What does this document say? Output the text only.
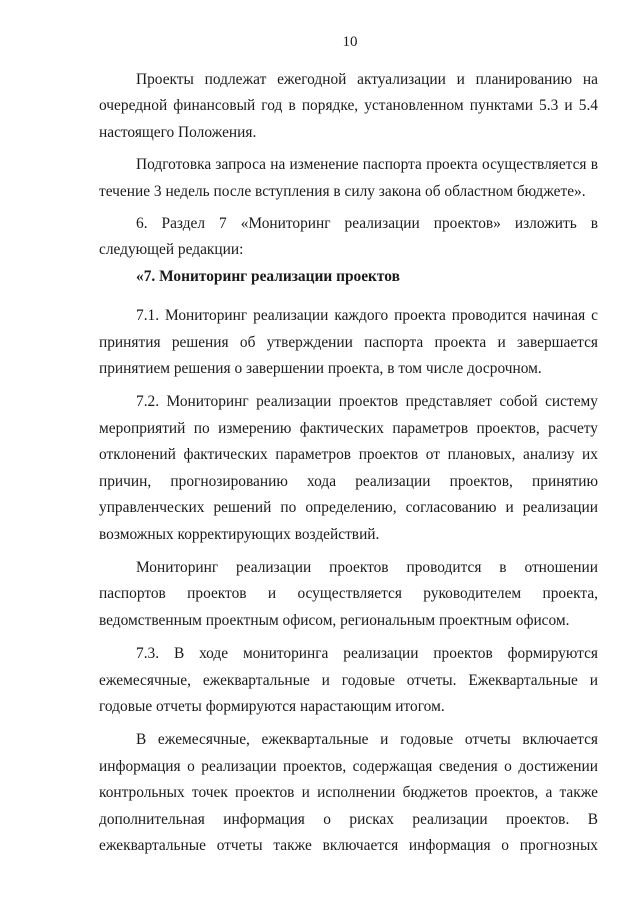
10

Проекты подлежат ежегодной актуализации и планированию на очередной финансовый год в порядке, установленном пунктами 5.3 и 5.4 настоящего Положения.

Подготовка запроса на изменение паспорта проекта осуществляется в течение 3 недель после вступления в силу закона об областном бюджете».

6. Раздел 7 «Мониторинг реализации проектов» изложить в следующей редакции:

«7. Мониторинг реализации проектов

7.1. Мониторинг реализации каждого проекта проводится начиная с принятия решения об утверждении паспорта проекта и завершается принятием решения о завершении проекта, в том числе досрочном.

7.2. Мониторинг реализации проектов представляет собой систему мероприятий по измерению фактических параметров проектов, расчету отклонений фактических параметров проектов от плановых, анализу их причин, прогнозированию хода реализации проектов, принятию управленческих решений по определению, согласованию и реализации возможных корректирующих воздействий.

Мониторинг реализации проектов проводится в отношении паспортов проектов и осуществляется руководителем проекта, ведомственным проектным офисом, региональным проектным офисом.

7.3. В ходе мониторинга реализации проектов формируются ежемесячные, ежеквартальные и годовые отчеты. Ежеквартальные и годовые отчеты формируются нарастающим итогом.

В ежемесячные, ежеквартальные и годовые отчеты включается информация о реализации проектов, содержащая сведения о достижении контрольных точек проектов и исполнении бюджетов проектов, а также дополнительная информация о рисках реализации проектов. В ежеквартальные отчеты также включается информация о прогнозных
